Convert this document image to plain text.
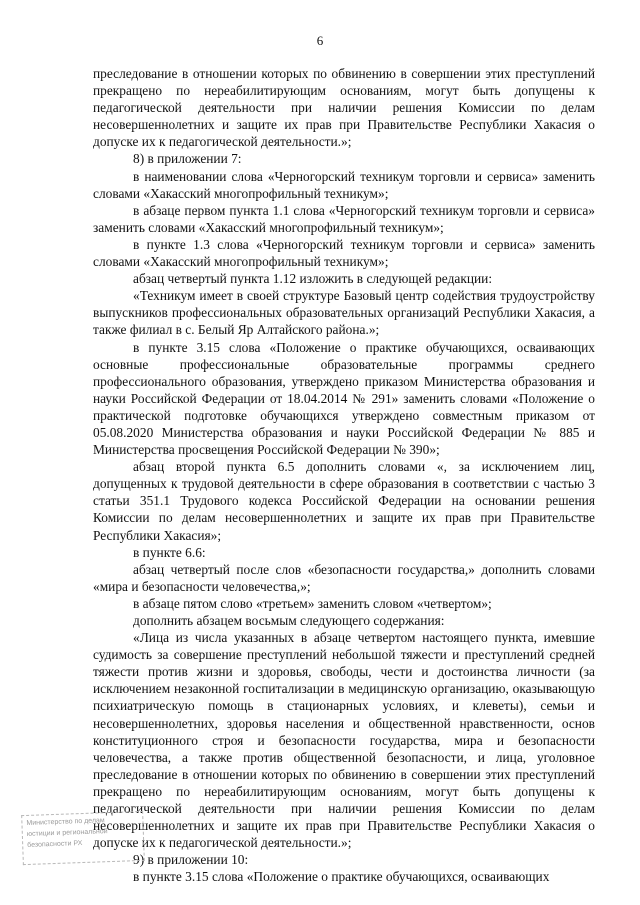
6

преследование в отношении которых по обвинению в совершении этих преступлений прекращено по нереабилитирующим основаниям, могут быть допущены к педагогической деятельности при наличии решения Комиссии по делам несовершеннолетних и защите их прав при Правительстве Республики Хакасия о допуске их к педагогической деятельности.»;

8) в приложении 7:

в наименовании слова «Черногорский техникум торговли и сервиса» заменить словами «Хакасский многопрофильный техникум»;

в абзаце первом пункта 1.1 слова «Черногорский техникум торговли и сервиса» заменить словами «Хакасский многопрофильный техникум»;

в пункте 1.3 слова «Черногорский техникум торговли и сервиса» заменить словами «Хакасский многопрофильный техникум»;

абзац четвертый пункта 1.12 изложить в следующей редакции:

«Техникум имеет в своей структуре Базовый центр содействия трудоустройству выпускников профессиональных образовательных организаций Республики Хакасия, а также филиал в с. Белый Яр Алтайского района.»;

в пункте 3.15 слова «Положение о практике обучающихся, осваивающих основные профессиональные образовательные программы среднего профессионального образования, утверждено приказом Министерства образования и науки Российской Федерации от 18.04.2014 № 291» заменить словами «Положение о практической подготовке обучающихся утверждено совместным приказом от 05.08.2020 Министерства образования и науки Российской Федерации № 885 и Министерства просвещения Российской Федерации № 390»;

абзац второй пункта 6.5 дополнить словами «, за исключением лиц, допущенных к трудовой деятельности в сфере образования в соответствии с частью 3 статьи 351.1 Трудового кодекса Российской Федерации на основании решения Комиссии по делам несовершеннолетних и защите их прав при Правительстве Республики Хакасия»;

в пункте 6.6:

абзац четвертый после слов «безопасности государства,» дополнить словами «мира и безопасности человечества,»;

в абзаце пятом слово «третьем» заменить словом «четвертом»;

дополнить абзацем восьмым следующего содержания:

«Лица из числа указанных в абзаце четвертом настоящего пункта, имевшие судимость за совершение преступлений небольшой тяжести и преступлений средней тяжести против жизни и здоровья, свободы, чести и достоинства личности (за исключением незаконной госпитализации в медицинскую организацию, оказывающую психиатрическую помощь в стационарных условиях, и клеветы), семьи и несовершеннолетних, здоровья населения и общественной нравственности, основ конституционного строя и безопасности государства, мира и безопасности человечества, а также против общественной безопасности, и лица, уголовное преследование в отношении которых по обвинению в совершении этих преступлений прекращено по нереабилитирующим основаниям, могут быть допущены к педагогической деятельности при наличии решения Комиссии по делам несовершеннолетних и защите их прав при Правительстве Республики Хакасия о допуске их к педагогической деятельности.»;

9) в приложении 10:

в пункте 3.15 слова «Положение о практике обучающихся, осваивающих

Министерство по делам
юстиции и региональной
безопасности РХ
